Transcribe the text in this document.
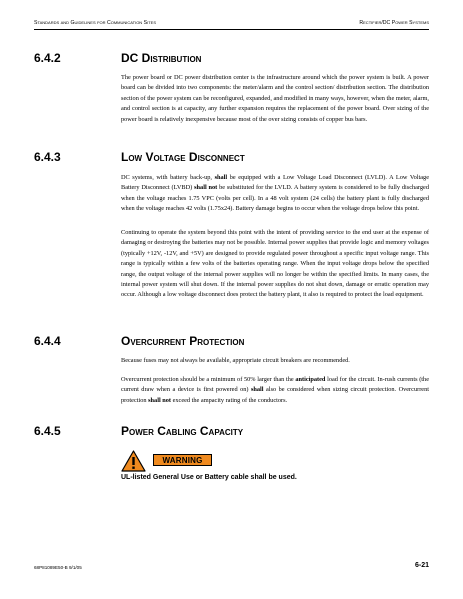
Standards and Guidelines for Communication Sites	Rectifier/DC Power Systems
6.4.2	DC Distribution

The power board or DC power distribution center is the infrastructure around which the power system is built. A power board can be divided into two components: the meter/alarm and the control section/ distribution section. The distribution section of the power system can be reconfigured, expanded, and modified in many ways, however, when the meter, alarm, and control section is at capacity, any further expansion requires the replacement of the power board. Over sizing of the power board is relatively inexpensive because most of the over sizing consists of copper bus bars.

6.4.3	Low Voltage Disconnect

DC systems, with battery back-up, shall be equipped with a Low Voltage Load Disconnect (LVLD). A Low Voltage Battery Disconnect (LVBD) shall not be substituted for the LVLD. A battery system is considered to be fully discharged when the voltage reaches 1.75 VPC (volts per cell). In a 48 volt system (24 cells) the battery plant is fully discharged when the voltage reaches 42 volts (1.75x24). Battery damage begins to occur when the voltage drops below this point.

Continuing to operate the system beyond this point with the intent of providing service to the end user at the expense of damaging or destroying the batteries may not be possible. Internal power supplies that provide logic and memory voltages (typically +12V, -12V, and +5V) are designed to provide regulated power throughout a specific input voltage range. This range is typically within a few volts of the batteries operating range. When the input voltage drops below the specified range, the output voltage of the internal power supplies will no longer be within the specified limits. In many cases, the internal power system will shut down. If the internal power supplies do not shut down, damage or erratic operation may occur. Although a low voltage disconnect does protect the battery plant, it also is required to protect the load equipment.

6.4.4	Overcurrent Protection

Because fuses may not always be available, appropriate circuit breakers are recommended.

Overcurrent protection should be a minimum of 50% larger than the anticipated load for the circuit. In-rush currents (the current draw when a device is first powered on) shall also be considered when sizing circuit protection. Overcurrent protection shall not exceed the ampacity rating of the conductors.

6.4.5	Power Cabling Capacity
WARNING
UL-listed General Use or Battery cable shall be used.
68P81089E50-B 9/1/05	6-21
